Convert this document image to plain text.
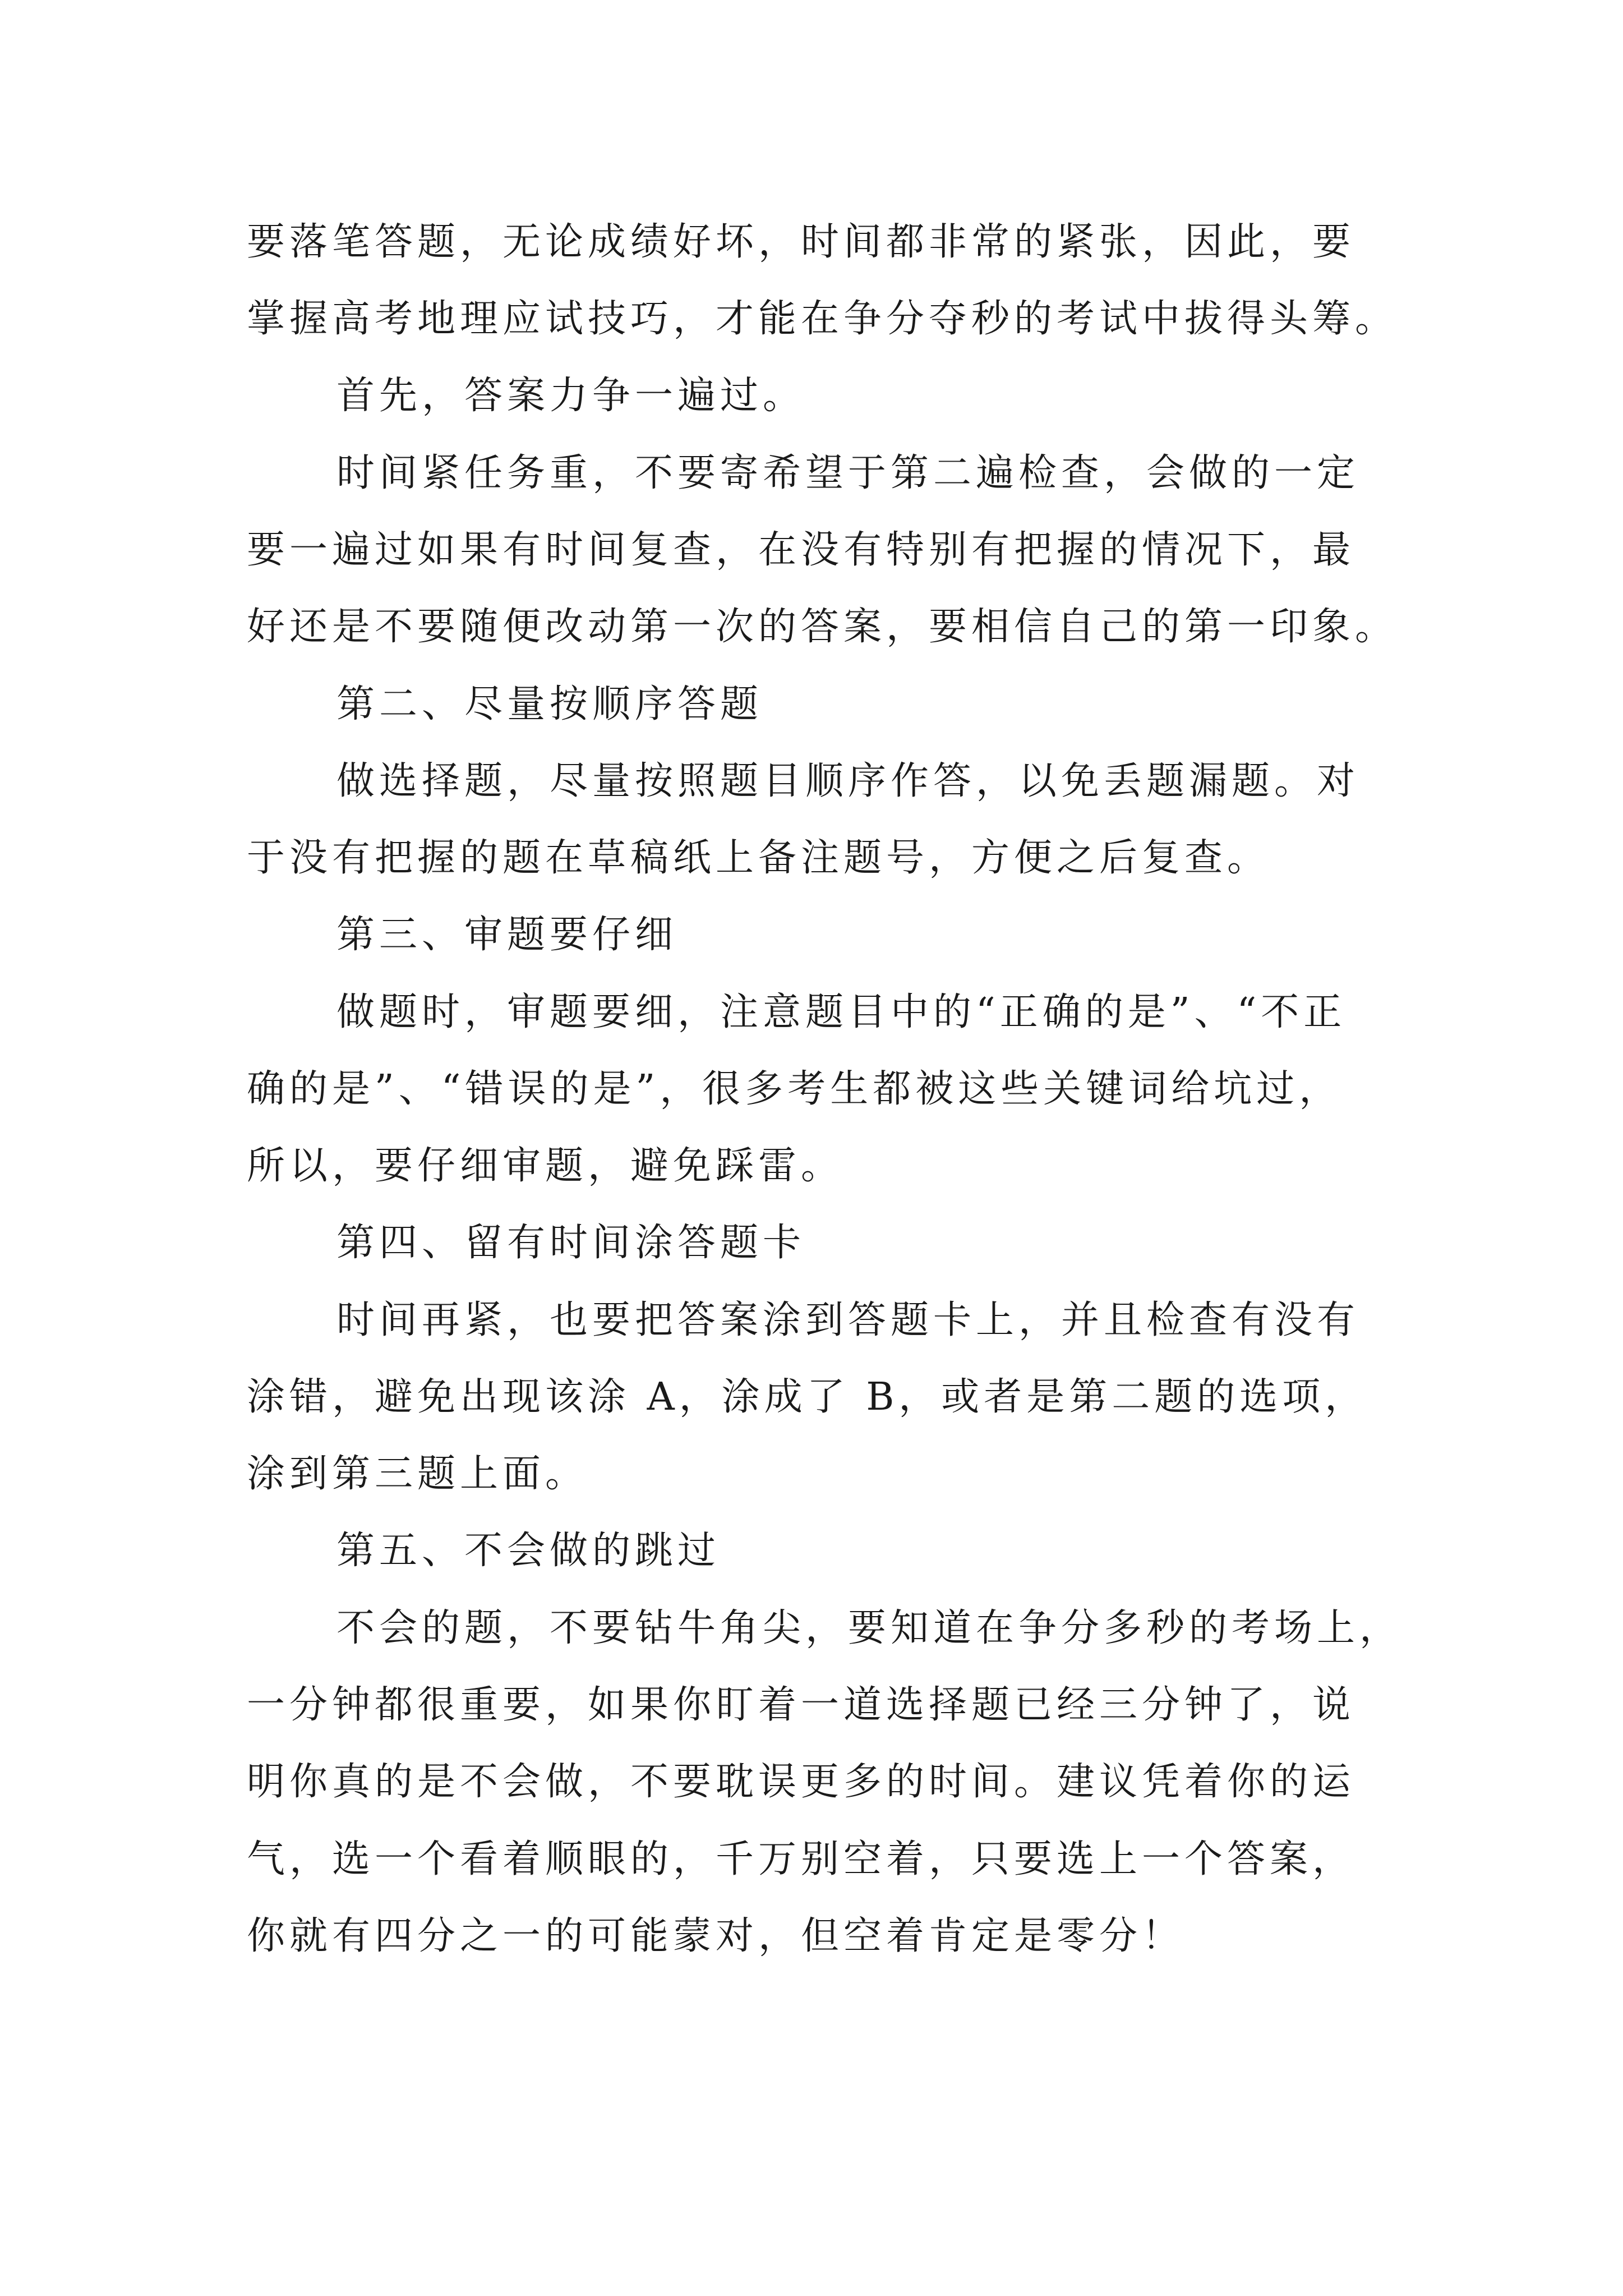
要落笔答题，无论成绩好坏，时间都非常的紧张，因此，要
掌握高考地理应试技巧，才能在争分夺秒的考试中拔得头筹。
首先，答案力争一遍过。
时间紧任务重，不要寄希望于第二遍检查，会做的一定
要一遍过如果有时间复查，在没有特别有把握的情况下，最
好还是不要随便改动第一次的答案，要相信自己的第一印象。
第二、尽量按顺序答题
做选择题，尽量按照题目顺序作答，以免丢题漏题。对
于没有把握的题在草稿纸上备注题号，方便之后复查。
第三、审题要仔细
做题时，审题要细，注意题目中的“正确的是”、“不正
确的是”、“错误的是”，很多考生都被这些关键词给坑过，
所以，要仔细审题，避免踩雷。
第四、留有时间涂答题卡
时间再紧，也要把答案涂到答题卡上，并且检查有没有
涂错，避免出现该涂 A，涂成了 B，或者是第二题的选项，
涂到第三题上面。
第五、不会做的跳过
不会的题，不要钻牛角尖，要知道在争分多秒的考场上，
一分钟都很重要，如果你盯着一道选择题已经三分钟了，说
明你真的是不会做，不要耽误更多的时间。建议凭着你的运
气，选一个看着顺眼的，千万别空着，只要选上一个答案，
你就有四分之一的可能蒙对，但空着肯定是零分！
